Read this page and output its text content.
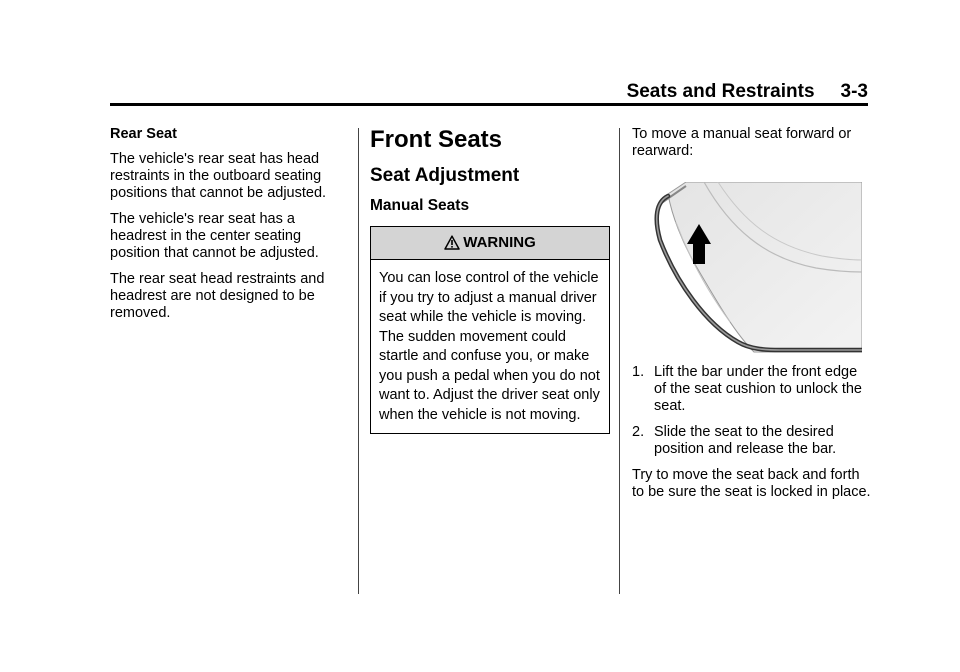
Seats and Restraints 3-3

Rear Seat

The vehicle's rear seat has head restraints in the outboard seating positions that cannot be adjusted.

The vehicle's rear seat has a headrest in the center seating position that cannot be adjusted.

The rear seat head restraints and headrest are not designed to be removed.

Front Seats
Seat Adjustment
Manual Seats
WARNING
You can lose control of the vehicle if you try to adjust a manual driver seat while the vehicle is moving. The sudden movement could startle and confuse you, or make you push a pedal when you do not want to. Adjust the driver seat only when the vehicle is not moving.

To move a manual seat forward or rearward:

1. Lift the bar under the front edge of the seat cushion to unlock the seat.
2. Slide the seat to the desired position and release the bar.

Try to move the seat back and forth to be sure the seat is locked in place.
